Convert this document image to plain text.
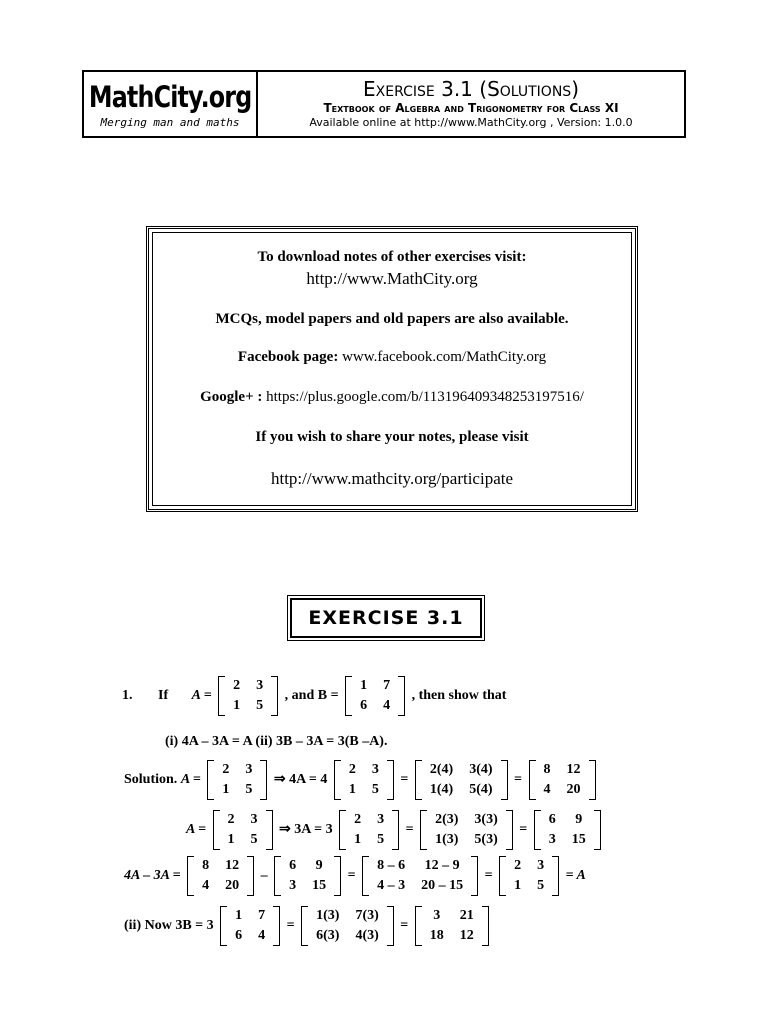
MathCity.org
Merging man and maths
Exercise 3.1 (Solutions)
Textbook of Algebra and Trigonometry for Class XI
Available online at http://www.MathCity.org , Version: 1.0.0

To download notes of other exercises visit:

http://www.MathCity.org

MCQs, model papers and old papers are also available.

Facebook page: www.facebook.com/MathCity.org

Google+ : https://plus.google.com/b/113196409348253197516/

If you wish to share your notes, please visit

http://www.mathcity.org/participate

EXERCISE 3.1
1. If A =
2	3
1	5
, and B =
1	7
6	4
, then show that
(i) 4A – 3A = A (ii) 3B – 3A = 3(B –A).
Solution. A =
2	3
1	5
⇒ 4A = 4
2	3
1	5
=
2(4)	3(4)
1(4)	5(4)
=
8	12
4	20
A =
2	3
1	5
⇒ 3A = 3
2	3
1	5
=
2(3)	3(3)
1(3)	5(3)
=
6	9
3	15
4A – 3A =
8	12
4	20
–
6	9
3	15
=
8 – 6	12 – 9
4 – 3	20 – 15
=
2	3
1	5
= A
(ii) Now 3B = 3
1	7
6	4
=
1(3)	7(3)
6(3)	4(3)
=
3	21
18	12
